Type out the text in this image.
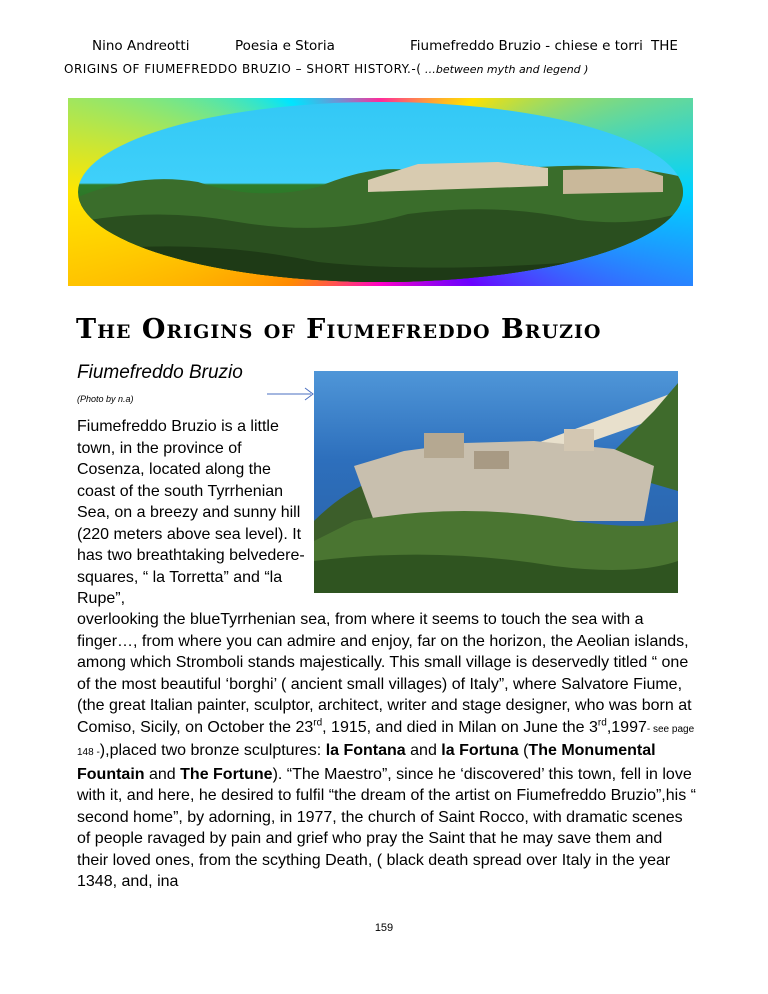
Nino Andreotti	Poesia e Storia	Fiumefreddo Bruzio - chiese e torri THE
ORIGINS OF FIUMEFREDDO BRUZIO – SHORT HISTORY.-( …between myth and legend )
The Origins of Fiumefreddo Bruzio
Fiumefreddo Bruzio
(Photo by n.a)
Fiumefreddo Bruzio is a little town, in the province of Cosenza, located along the coast of the south Tyrrhenian Sea, on a breezy and sunny hill (220 meters above sea level). It has two breathtaking belvedere-squares, “ la Torretta” and “la Rupe”,

overlooking the blueTyrrhenian sea, from where it seems to touch the sea with a finger…, from where you can admire and enjoy, far on the horizon, the Aeolian islands, among which Stromboli stands majestically. This small village is deservedly titled “ one of the most beautiful ‘borghi’ ( ancient small villages) of Italy”, where Salvatore Fiume, (the great Italian painter, sculptor, architect, writer and stage designer, who was born at Comiso, Sicily, on October the 23rd, 1915, and died in Milan on June the 3rd,1997- see page 148 -),placed two bronze sculptures: la Fontana and la Fortuna (The Monumental Fountain and The Fortune). “The Maestro”, since he ‘discovered’ this town, fell in love with it, and here, he desired to fulfil “the dream of the artist on Fiumefreddo Bruzio”,his “ second home”, by adorning, in 1977, the church of Saint Rocco, with dramatic scenes of people ravaged by pain and grief who pray the Saint that he may save them and their loved ones, from the scything Death, ( black death spread over Italy in the year 1348, and, ina

159
